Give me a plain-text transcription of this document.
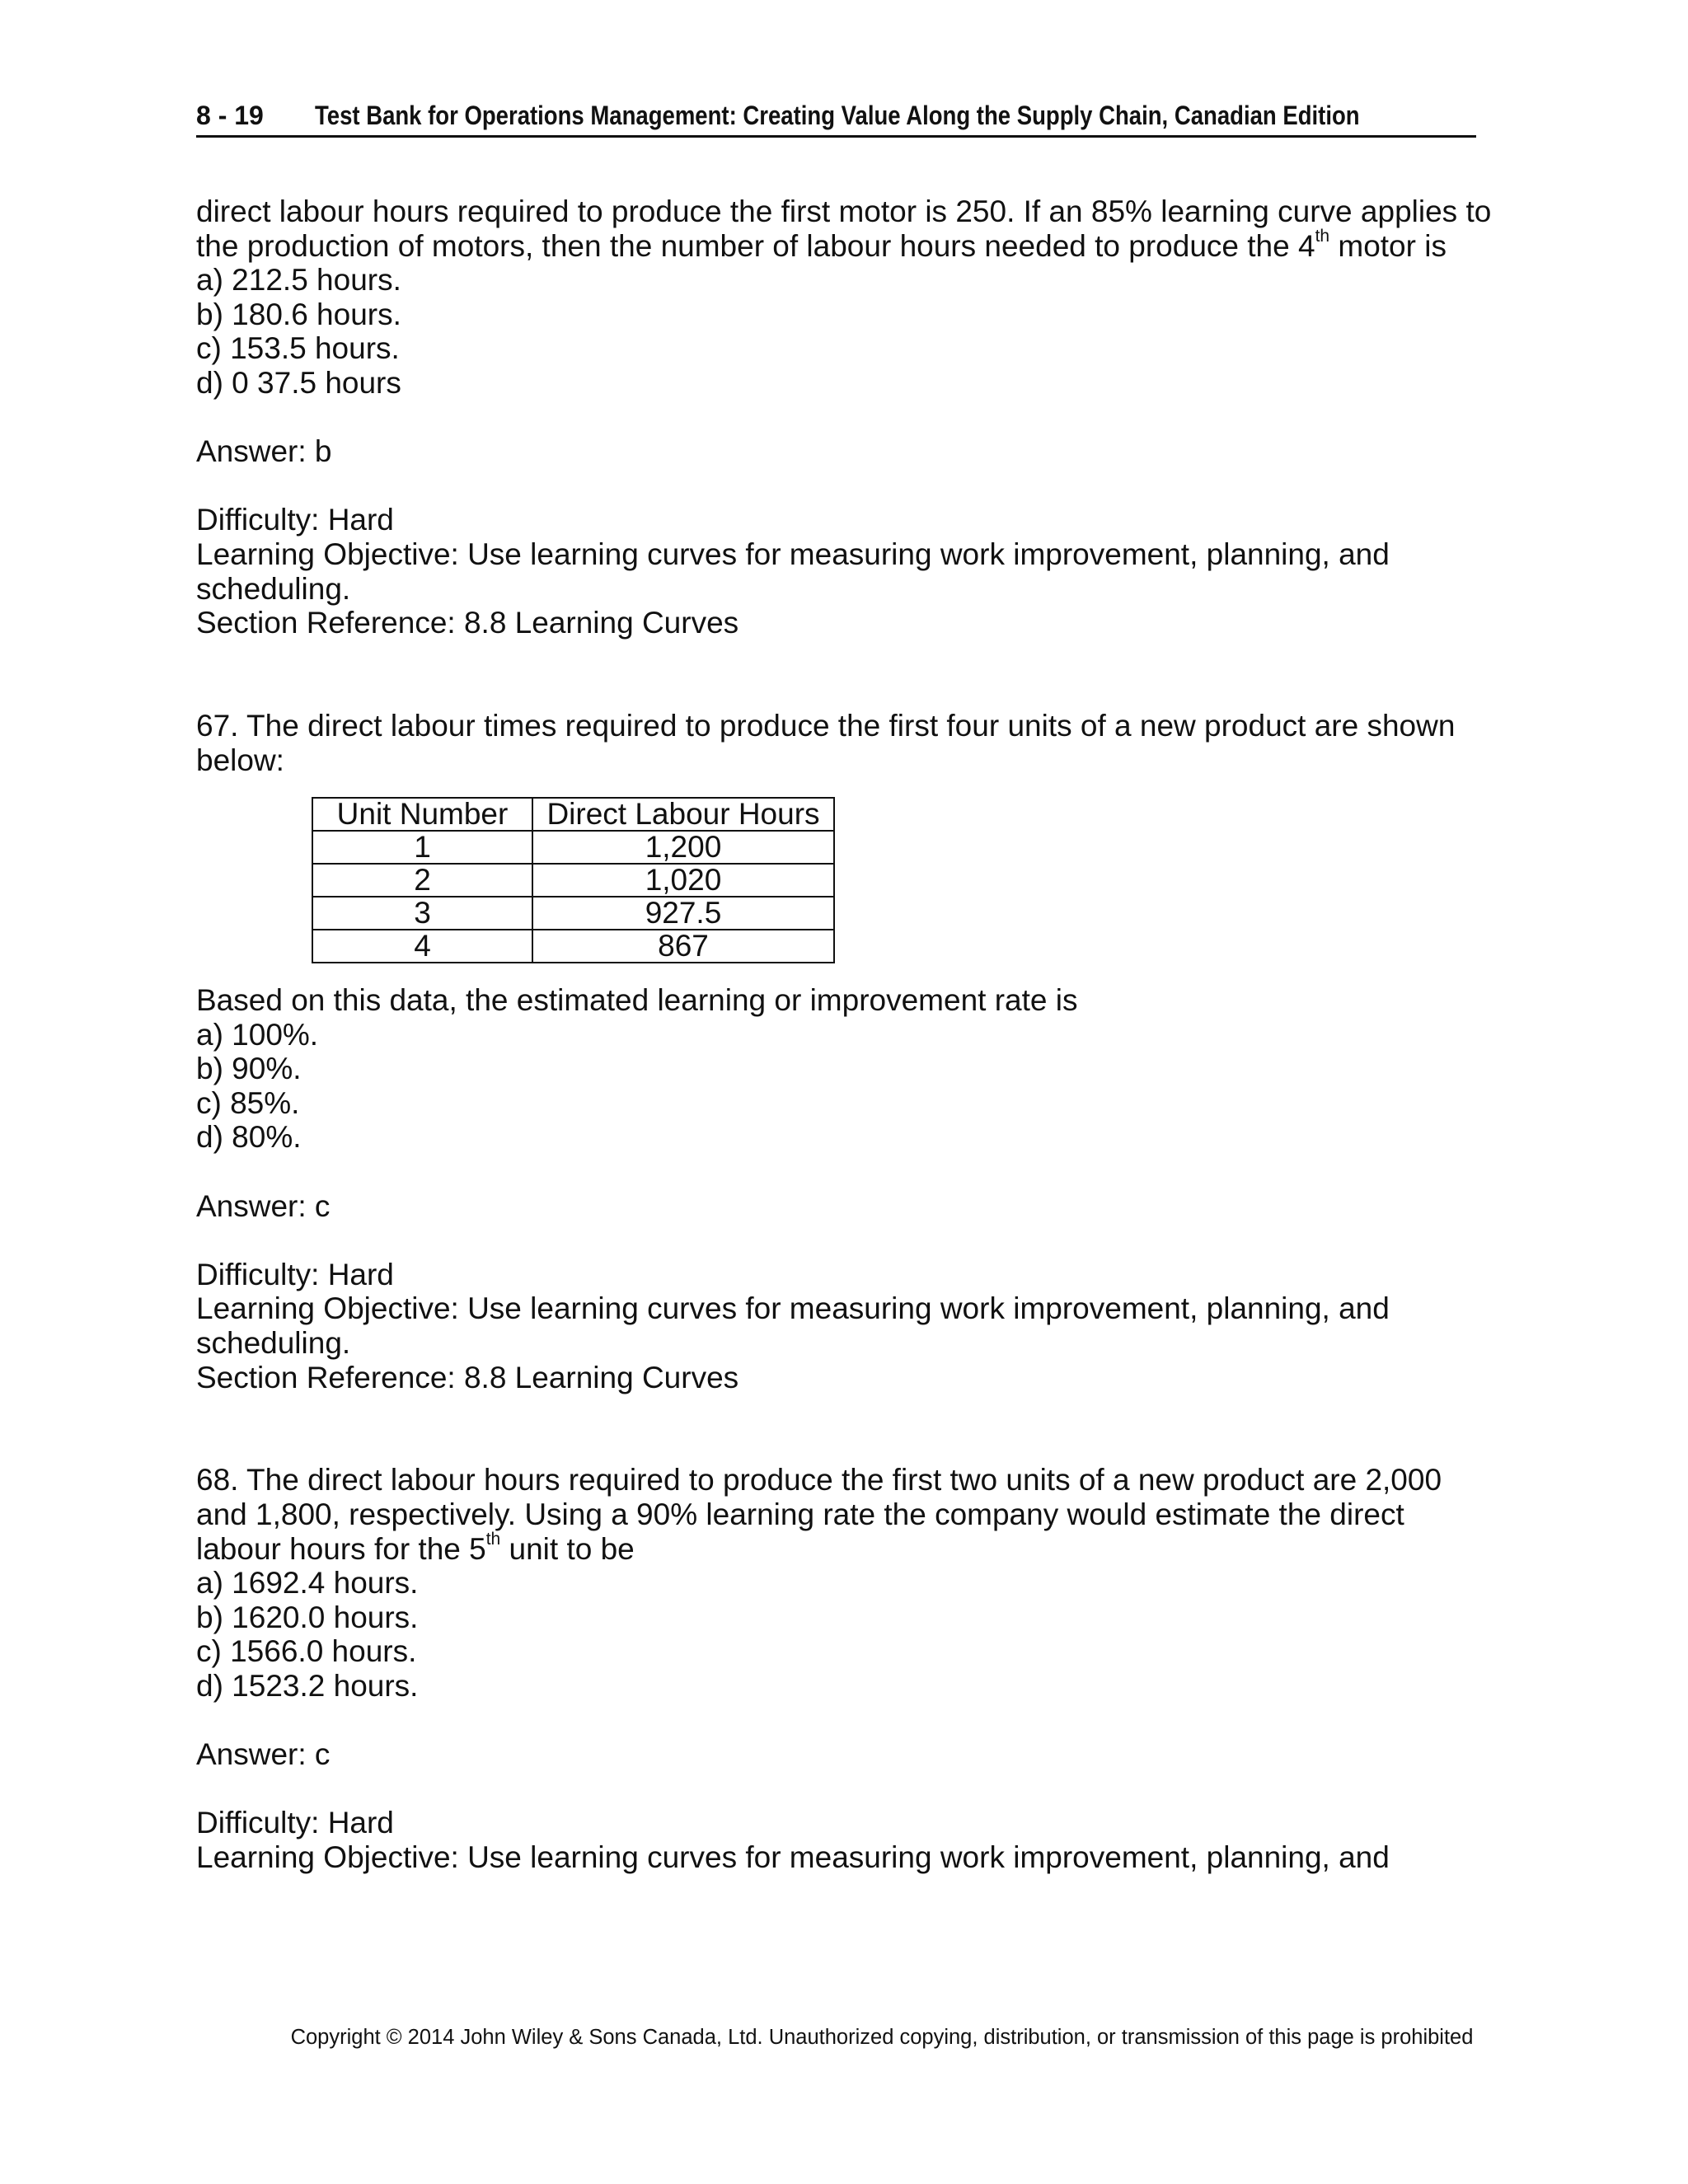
8 - 19 Test Bank for Operations Management: Creating Value Along the Supply Chain, Canadian Edition
direct labour hours required to produce the first motor is 250. If an 85% learning curve applies to
the production of motors, then the number of labour hours needed to produce the 4th motor is
a) 212.5 hours.
b) 180.6 hours.
c) 153.5 hours.
d) 0 37.5 hours
Answer: b
Difficulty: Hard
Learning Objective: Use learning curves for measuring work improvement, planning, and
scheduling.
Section Reference: 8.8 Learning Curves
67. The direct labour times required to produce the first four units of a new product are shown
below:
Unit Number	Direct Labour Hours
1	1,200
2	1,020
3	927.5
4	867
Based on this data, the estimated learning or improvement rate is
a) 100%.
b) 90%.
c) 85%.
d) 80%.
Answer: c
Difficulty: Hard
Learning Objective: Use learning curves for measuring work improvement, planning, and
scheduling.
Section Reference: 8.8 Learning Curves
68. The direct labour hours required to produce the first two units of a new product are 2,000
and 1,800, respectively. Using a 90% learning rate the company would estimate the direct
labour hours for the 5th unit to be
a) 1692.4 hours.
b) 1620.0 hours.
c) 1566.0 hours.
d) 1523.2 hours.
Answer: c
Difficulty: Hard
Learning Objective: Use learning curves for measuring work improvement, planning, and
Copyright © 2014 John Wiley & Sons Canada, Ltd. Unauthorized copying, distribution, or transmission of this page is prohibited
